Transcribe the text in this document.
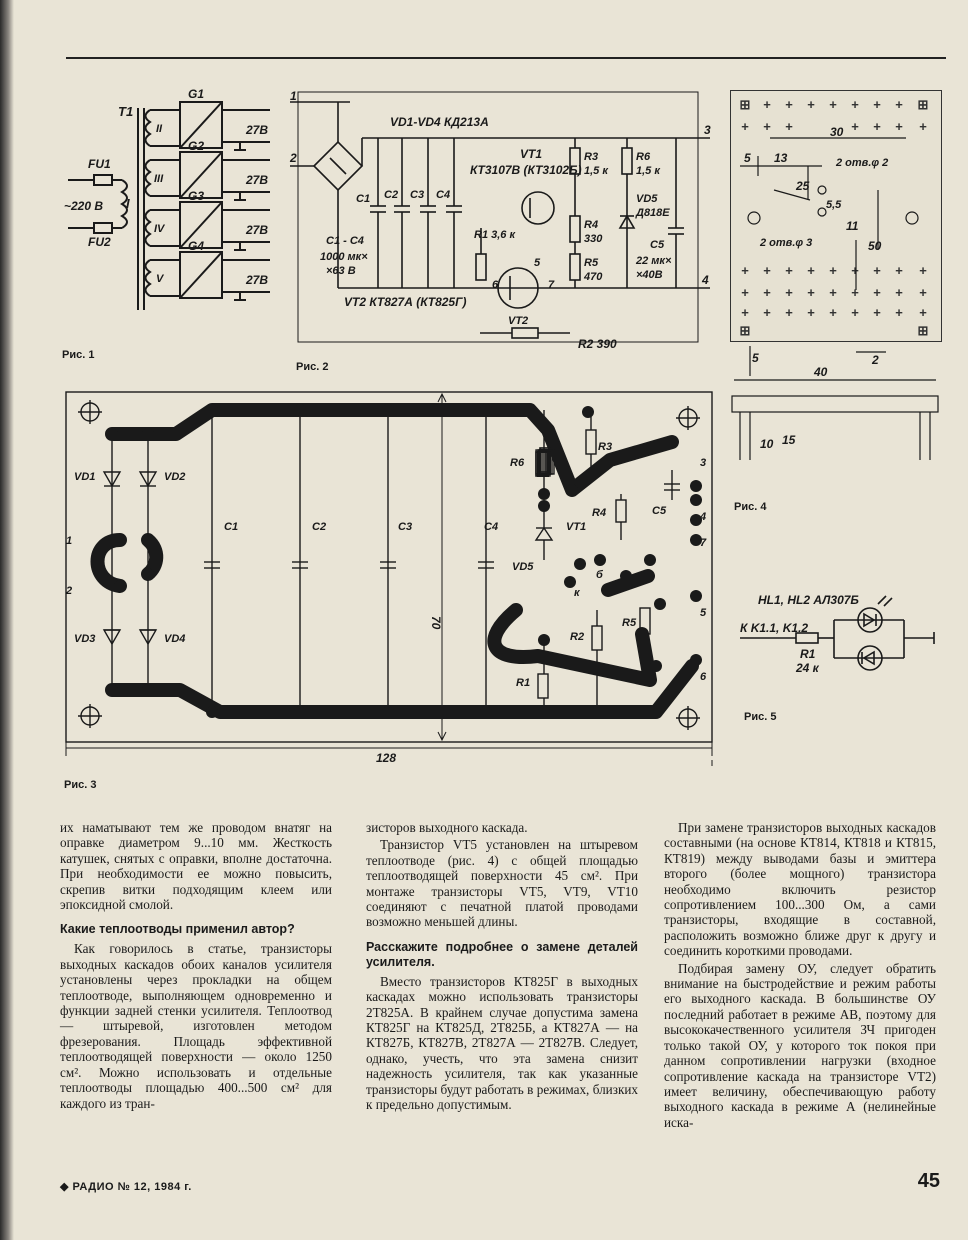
T1
FU1
FU2
~220 В I
G1
G2
G3
G4
II
III
IV
V
27В
27В
27В
27В
Рис. 1
1
2
3
4
VD1-VD4 КД213А
VT1
КТ3107В (КТ3102Б)
R3
1,5 к
R6
1,5 к
VD5
Д818Е
R1 3,6 к
R4
330
R5
470
C5
22 мк×
×40В
C1 C2 C3 C4
C1 - C4
1000 мк×
×63 В
VT2 КТ827А (КТ825Г)
VT2
R2 390
5
6	7
Рис. 2
⊞	⊞
⊞	⊞
+ + + + + + +
+ + +	+ + + +
+ + + + + + + + +
+ + + + + + + + +
+ + + + + + + + +
30
13
5
25
5,5
11
50
2 отв.φ 2
2 отв.φ 3
5	2
40
10 15
Рис. 4
70
128
VD1	VD2
VD3	VD4
C1	C2	C3	C4
R6
R3
R4	C5
VT1
VD5
R2
R5
R1
к
б
1
2
3
4
5
6
7
Рис. 3
HL1, HL2 АЛ307Б
К K1.1, K1.2
R1
24 к
Рис. 5

их наматывают тем же проводом внатяг на оправке диаметром 9...10 мм. Жесткость катушек, снятых с оправки, вполне достаточна. При необходимости ее можно повысить, скрепив витки подходящим клеем или эпоксидной смолой.

Какие теплоотводы применил автор?

Как говорилось в статье, транзисторы выходных каскадов обоих каналов усилителя установлены через прокладки на общем теплоотводе, выполняющем одновременно и функции задней стенки усилителя. Теплоотвод — штыревой, изготовлен методом фрезерования. Площадь эффективной теплоотводящей поверхности — около 1250 см². Можно использовать и отдельные теплоотводы площадью 400...500 см² для каждого из тран-

зисторов выходного каскада.

Транзистор VT5 установлен на штыревом теплоотводе (рис. 4) с общей площадью теплоотводящей поверхности 45 см². При монтаже транзисторы VT5, VT9, VT10 соединяют с печатной платой проводами возможно меньшей длины.

Расскажите подробнее о замене деталей усилителя.

Вместо транзисторов КТ825Г в выходных каскадах можно использовать транзисторы 2Т825А. В крайнем случае допустима замена КТ825Г на КТ825Д, 2Т825Б, а КТ827А — на КТ827Б, КТ827В, 2Т827А — 2Т827В. Следует, однако, учесть, что эта замена снизит надежность усилителя, так как указанные транзисторы будут работать в режимах, близких к предельно допустимым.

При замене транзисторов выходных каскадов составными (на основе КТ814, КТ818 и КТ815, КТ819) между выводами базы и эмиттера второго (более мощного) транзистора необходимо включить резистор сопротивлением 100...300 Ом, а сами транзисторы, входящие в составной, расположить возможно ближе друг к другу и соединить короткими проводами.

Подбирая замену ОУ, следует обратить внимание на быстродействие и режим работы его выходного каскада. В большинстве ОУ последний работает в режиме АВ, поэтому для высококачественного усилителя ЗЧ пригоден только такой ОУ, у которого ток покоя при данном сопротивлении нагрузки (входное сопротивление каскада на транзисторе VT2) имеет величину, обеспечивающую работу выходного каскада в режиме А (нелинейные иска-

◆ РАДИО № 12, 1984 г.	45
